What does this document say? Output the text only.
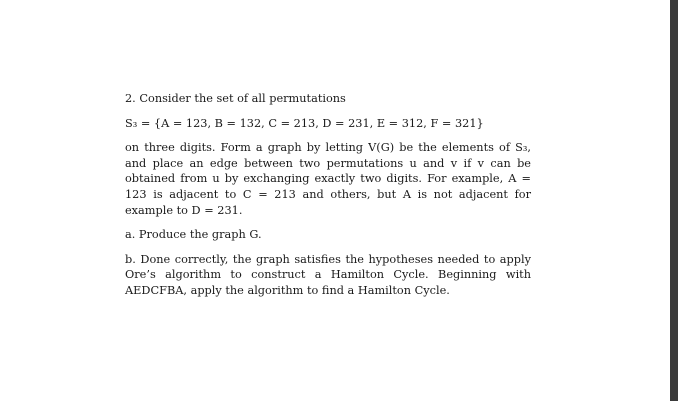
2. Consider the set of all permutations

S₃ = {A = 123, B = 132, C = 213, D = 231, E = 312, F = 321}

on three digits. Form a graph by letting V(G) be the elements of S₃, and place an edge between two permutations u and v if v can be obtained from u by exchanging exactly two digits. For example, A = 123 is adjacent to C = 213 and others, but A is not adjacent for example to D = 231.

a. Produce the graph G.

b. Done correctly, the graph satisfies the hypotheses needed to apply Ore’s algorithm to construct a Hamilton Cycle. Beginning with AEDCFBA, apply the algorithm to find a Hamilton Cycle.
